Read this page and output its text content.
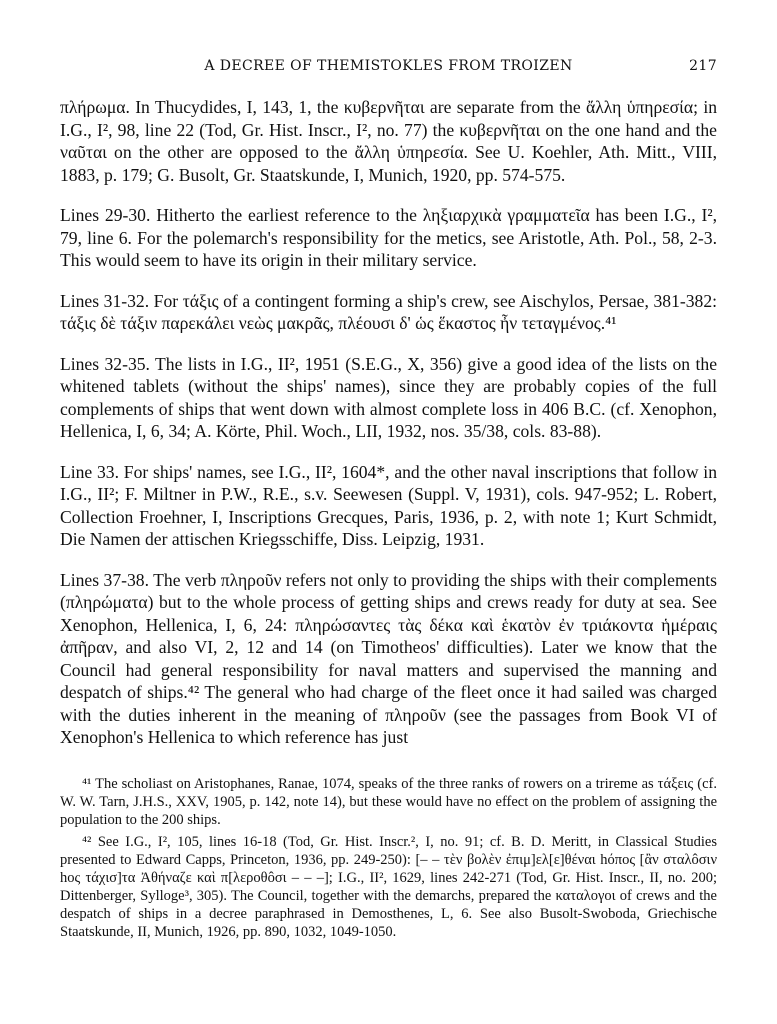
A DECREE OF THEMISTOKLES FROM TROIZEN	217

πλήρωμα. In Thucydides, I, 143, 1, the κυβερνῆται are separate from the ἄλλη ὑπηρεσία; in I.G., I², 98, line 22 (Tod, Gr. Hist. Inscr., I², no. 77) the κυβερνῆται on the one hand and the ναῦται on the other are opposed to the ἄλλη ὑπηρεσία. See U. Koehler, Ath. Mitt., VIII, 1883, p. 179; G. Busolt, Gr. Staatskunde, I, Munich, 1920, pp. 574-575.

Lines 29-30. Hitherto the earliest reference to the ληξιαρχικὰ γραμματεῖα has been I.G., I², 79, line 6. For the polemarch's responsibility for the metics, see Aristotle, Ath. Pol., 58, 2-3. This would seem to have its origin in their military service.

Lines 31-32. For τάξις of a contingent forming a ship's crew, see Aischylos, Persae, 381-382: τάξις δὲ τάξιν παρεκάλει νεὼς μακρᾶς, πλέουσι δ' ὡς ἕκαστος ἦν τεταγμένος.⁴¹

Lines 32-35. The lists in I.G., II², 1951 (S.E.G., X, 356) give a good idea of the lists on the whitened tablets (without the ships' names), since they are probably copies of the full complements of ships that went down with almost complete loss in 406 B.C. (cf. Xenophon, Hellenica, I, 6, 34; A. Körte, Phil. Woch., LII, 1932, nos. 35/38, cols. 83-88).

Line 33. For ships' names, see I.G., II², 1604*, and the other naval inscriptions that follow in I.G., II²; F. Miltner in P.W., R.E., s.v. Seewesen (Suppl. V, 1931), cols. 947-952; L. Robert, Collection Froehner, I, Inscriptions Grecques, Paris, 1936, p. 2, with note 1; Kurt Schmidt, Die Namen der attischen Kriegsschiffe, Diss. Leipzig, 1931.

Lines 37-38. The verb πληροῦν refers not only to providing the ships with their complements (πληρώματα) but to the whole process of getting ships and crews ready for duty at sea. See Xenophon, Hellenica, I, 6, 24: πληρώσαντες τὰς δέκα καὶ ἑκατὸν ἐν τριάκοντα ἡμέραις ἀπῆραν, and also VI, 2, 12 and 14 (on Timotheos' difficulties). Later we know that the Council had general responsibility for naval matters and supervised the manning and despatch of ships.⁴² The general who had charge of the fleet once it had sailed was charged with the duties inherent in the meaning of πληροῦν (see the passages from Book VI of Xenophon's Hellenica to which reference has just

⁴¹ The scholiast on Aristophanes, Ranae, 1074, speaks of the three ranks of rowers on a trireme as τάξεις (cf. W. W. Tarn, J.H.S., XXV, 1905, p. 142, note 14), but these would have no effect on the problem of assigning the population to the 200 ships.

⁴² See I.G., I², 105, lines 16-18 (Tod, Gr. Hist. Inscr.², I, no. 91; cf. B. D. Meritt, in Classical Studies presented to Edward Capps, Princeton, 1936, pp. 249-250): [– – τὲν βολὲν ἐπιμ]ελ[ε]θέναι hόπος [ἂν σταλôσιν hος τάχισ]τα Ἀθήναζε καὶ π[λεροθôσι – – –]; I.G., II², 1629, lines 242-271 (Tod, Gr. Hist. Inscr., II, no. 200; Dittenberger, Sylloge³, 305). The Council, together with the demarchs, prepared the καταλογοι of crews and the despatch of ships in a decree paraphrased in Demosthenes, L, 6. See also Busolt-Swoboda, Griechische Staatskunde, II, Munich, 1926, pp. 890, 1032, 1049-1050.
